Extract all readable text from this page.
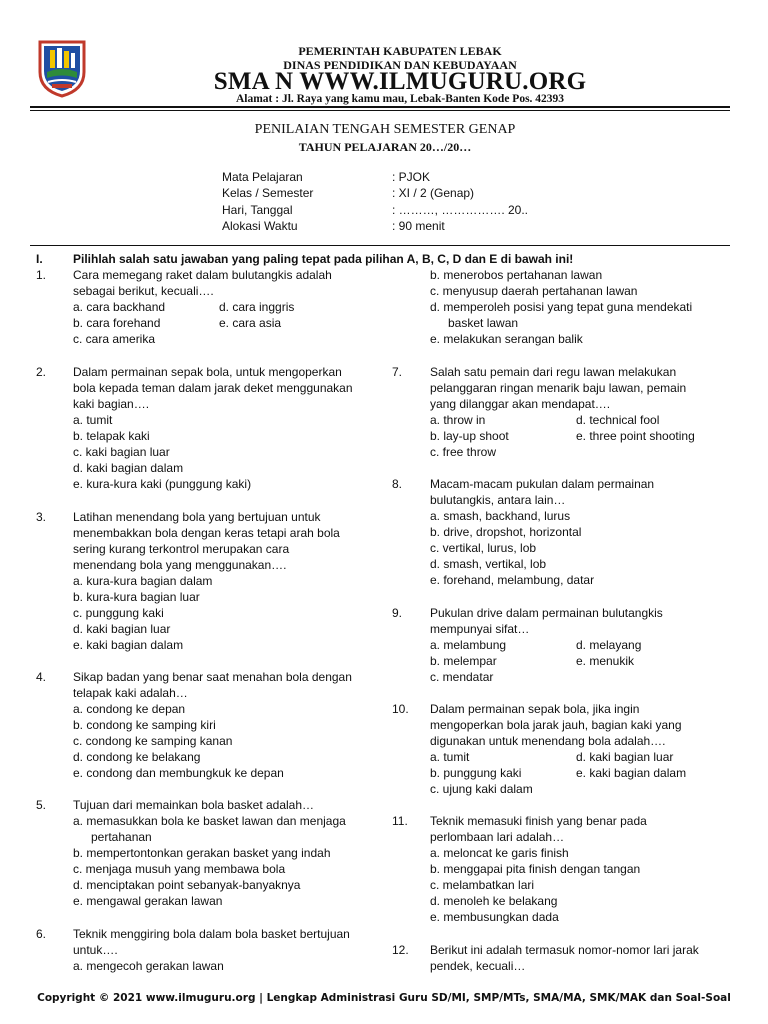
PEMERINTAH KABUPATEN LEBAK
DINAS PENDIDIKAN DAN KEBUDAYAAN
SMA N WWW.ILMUGURU.ORG
Alamat : Jl. Raya yang kamu mau, Lebak-Banten Kode Pos. 42393
PENILAIAN TENGAH SEMESTER GENAP
TAHUN PELAJARAN 20…/20…
Mata Pelajaran	: PJOK
Kelas / Semester	: XI / 2 (Genap)
Hari, Tanggal	: ………, ……………. 20..
Alokasi Waktu	: 90 menit
I.	Pilihlah salah satu jawaban yang paling tepat pada pilihan A, B, C, D dan E di bawah ini!
1. Cara memegang raket dalam bulutangkis adalah
sebagai berikut, kecuali….
a. cara backhand	d. cara inggris
b. cara forehand	e. cara asia
c. cara amerika
2. Dalam permainan sepak bola, untuk mengoperkan
bola kepada teman dalam jarak deket menggunakan
kaki bagian….
a. tumit
b. telapak kaki
c. kaki bagian luar
d. kaki bagian dalam
e. kura-kura kaki (punggung kaki)
3. Latihan menendang bola yang bertujuan untuk
menembakkan bola dengan keras tetapi arah bola
sering kurang terkontrol merupakan cara
menendang bola yang menggunakan….
a. kura-kura bagian dalam
b. kura-kura bagian luar
c. punggung kaki
d. kaki bagian luar
e. kaki bagian dalam
4. Sikap badan yang benar saat menahan bola dengan
telapak kaki adalah…
a. condong ke depan
b. condong ke samping kiri
c. condong ke samping kanan
d. condong ke belakang
e. condong dan membungkuk ke depan
5. Tujuan dari memainkan bola basket adalah…
a. memasukkan bola ke basket lawan dan menjaga
pertahanan
b. mempertontonkan gerakan basket yang indah
c. menjaga musuh yang membawa bola
d. menciptakan point sebanyak-banyaknya
e. mengawal gerakan lawan
6. Teknik menggiring bola dalam bola basket bertujuan
untuk….
a. mengecoh gerakan lawan
b. menerobos pertahanan lawan
c. menyusup daerah pertahanan lawan
d. memperoleh posisi yang tepat guna mendekati
basket lawan
e. melakukan serangan balik
7. Salah satu pemain dari regu lawan melakukan
pelanggaran ringan menarik baju lawan, pemain
yang dilanggar akan mendapat….
a. throw in	d. technical fool
b. lay-up shoot	e. three point shooting
c. free throw
8. Macam-macam pukulan dalam permainan
bulutangkis, antara lain…
a. smash, backhand, lurus
b. drive, dropshot, horizontal
c. vertikal, lurus, lob
d. smash, vertikal, lob
e. forehand, melambung, datar
9. Pukulan drive dalam permainan bulutangkis
mempunyai sifat…
a. melambung	d. melayang
b. melempar	e. menukik
c. mendatar
10. Dalam permainan sepak bola, jika ingin
mengoperkan bola jarak jauh, bagian kaki yang
digunakan untuk menendang bola adalah….
a. tumit	d. kaki bagian luar
b. punggung kaki	e. kaki bagian dalam
c. ujung kaki dalam
11. Teknik memasuki finish yang benar pada
perlombaan lari adalah…
a. meloncat ke garis finish
b. menggapai pita finish dengan tangan
c. melambatkan lari
d. menoleh ke belakang
e. membusungkan dada
12. Berikut ini adalah termasuk nomor-nomor lari jarak
pendek, kecuali…
Copyright © 2021 www.ilmuguru.org | Lengkap Administrasi Guru SD/MI, SMP/MTs, SMA/MA, SMK/MAK dan Soal-Soal
